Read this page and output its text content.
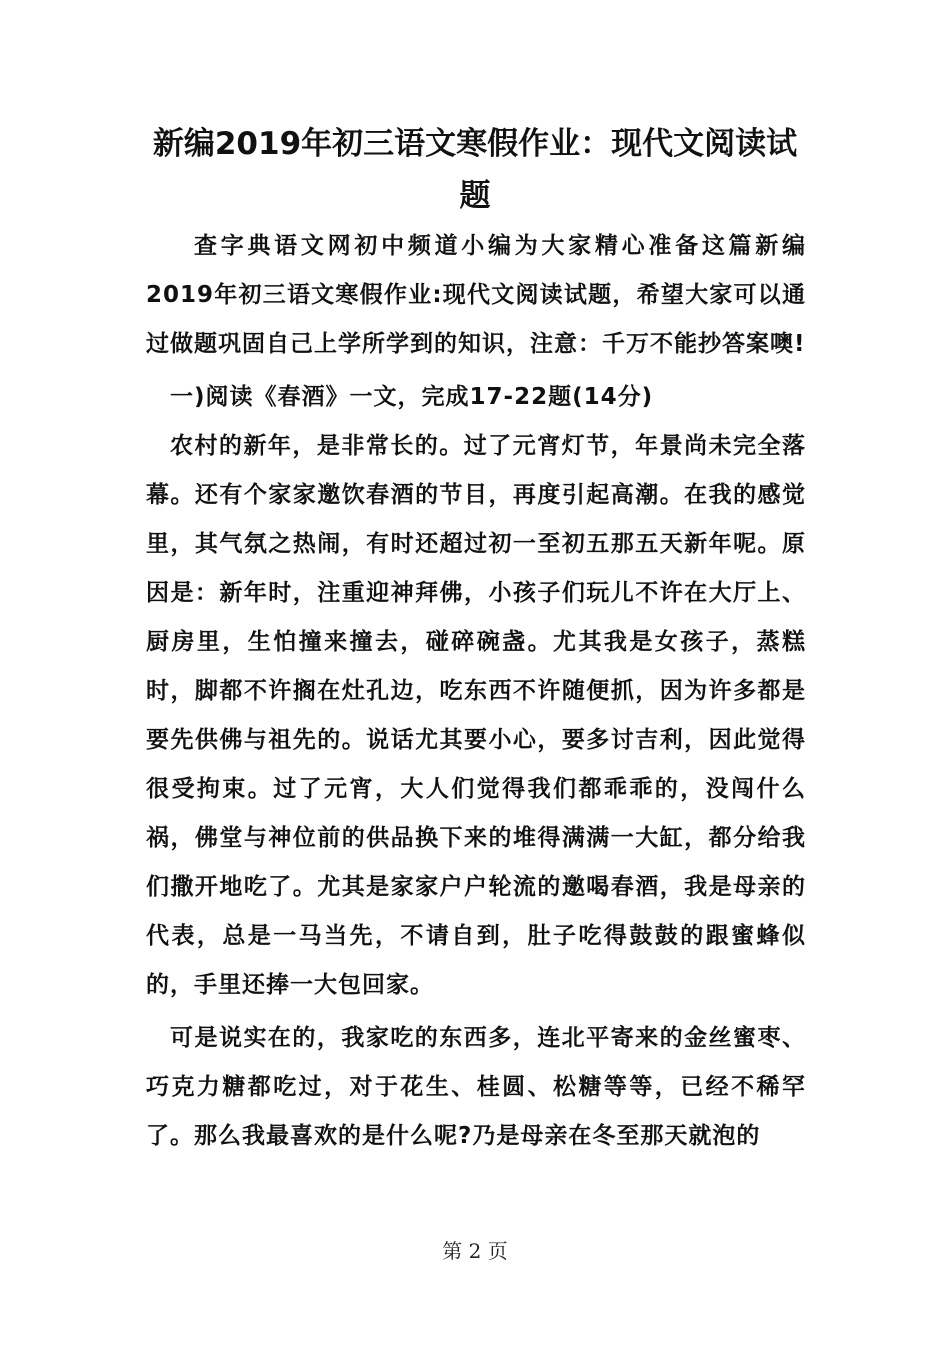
新编2019年初三语文寒假作业：现代文阅读试题

查字典语文网初中频道小编为大家精心准备这篇新编2019年初三语文寒假作业:现代文阅读试题，希望大家可以通过做题巩固自己上学所学到的知识，注意：千万不能抄答案噢!

一)阅读《春酒》一文，完成17-22题(14分)

农村的新年，是非常长的。过了元宵灯节，年景尚未完全落幕。还有个家家邀饮春酒的节目，再度引起高潮。在我的感觉里，其气氛之热闹，有时还超过初一至初五那五天新年呢。原因是：新年时，注重迎神拜佛，小孩子们玩儿不许在大厅上、厨房里，生怕撞来撞去，碰碎碗盏。尤其我是女孩子，蒸糕时，脚都不许搁在灶孔边，吃东西不许随便抓，因为许多都是要先供佛与祖先的。说话尤其要小心，要多讨吉利，因此觉得很受拘束。过了元宵，大人们觉得我们都乖乖的，没闯什么祸，佛堂与神位前的供品换下来的堆得满满一大缸，都分给我们撒开地吃了。尤其是家家户户轮流的邀喝春酒，我是母亲的代表，总是一马当先，不请自到，肚子吃得鼓鼓的跟蜜蜂似的，手里还捧一大包回家。

可是说实在的，我家吃的东西多，连北平寄来的金丝蜜枣、巧克力糖都吃过，对于花生、桂圆、松糖等等，已经不稀罕了。那么我最喜欢的是什么呢?乃是母亲在冬至那天就泡的

第 2 页
